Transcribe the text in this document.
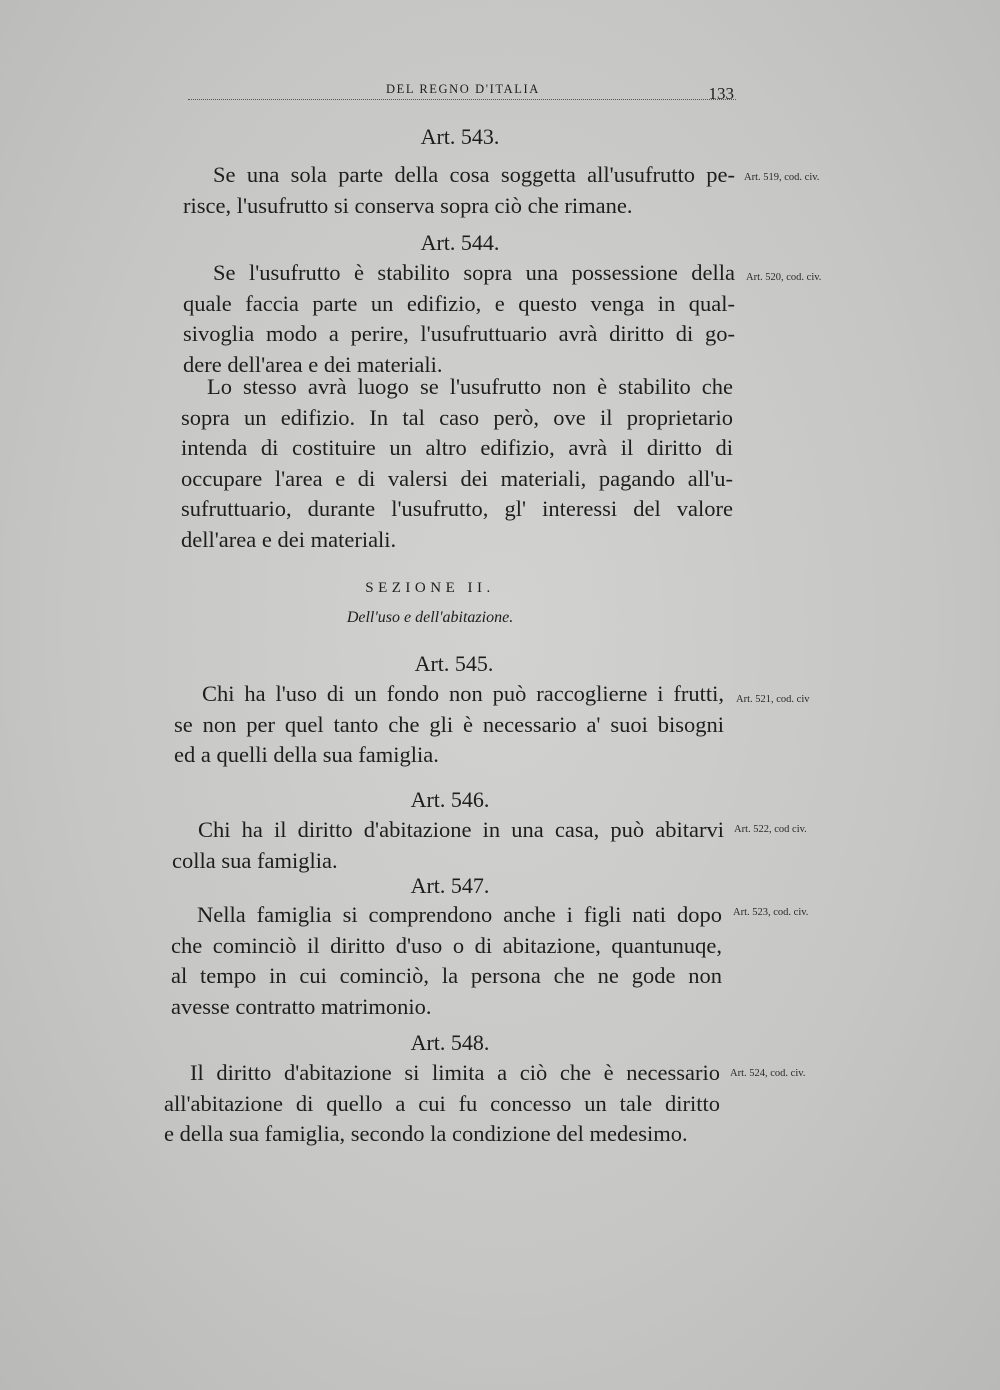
DEL REGNO D'ITALIA	133
Art. 543.
Se una sola parte della cosa soggetta all'usufrutto pe-
risce, l'usufrutto si conserva sopra ciò che rimane.
Art. 519, cod. civ.
Art. 544.
Se l'usufrutto è stabilito sopra una possessione della
quale faccia parte un edifizio, e questo venga in qual-
sivoglia modo a perire, l'usufruttuario avrà diritto di go-
dere dell'area e dei materiali.
Art. 520, cod. civ.
Lo stesso avrà luogo se l'usufrutto non è stabilito che
sopra un edifizio. In tal caso però, ove il proprietario
intenda di costituire un altro edifizio, avrà il diritto di
occupare l'area e di valersi dei materiali, pagando all'u-
sufruttuario, durante l'usufrutto, gl' interessi del valore
dell'area e dei materiali.
SEZIONE II.
Dell'uso e dell'abitazione.
Art. 545.
Chi ha l'uso di un fondo non può raccoglierne i frutti,
se non per quel tanto che gli è necessario a' suoi bisogni
ed a quelli della sua famiglia.
Art. 521, cod. civ
Art. 546.
Chi ha il diritto d'abitazione in una casa, può abitarvi
colla sua famiglia.
Art. 522, cod civ.
Art. 547.
Nella famiglia si comprendono anche i figli nati dopo
che cominciò il diritto d'uso o di abitazione, quantunuqe,
al tempo in cui cominciò, la persona che ne gode non
avesse contratto matrimonio.
Art. 523, cod. civ.
Art. 548.
Il diritto d'abitazione si limita a ciò che è necessario
all'abitazione di quello a cui fu concesso un tale diritto
e della sua famiglia, secondo la condizione del medesimo.
Art. 524, cod. civ.
